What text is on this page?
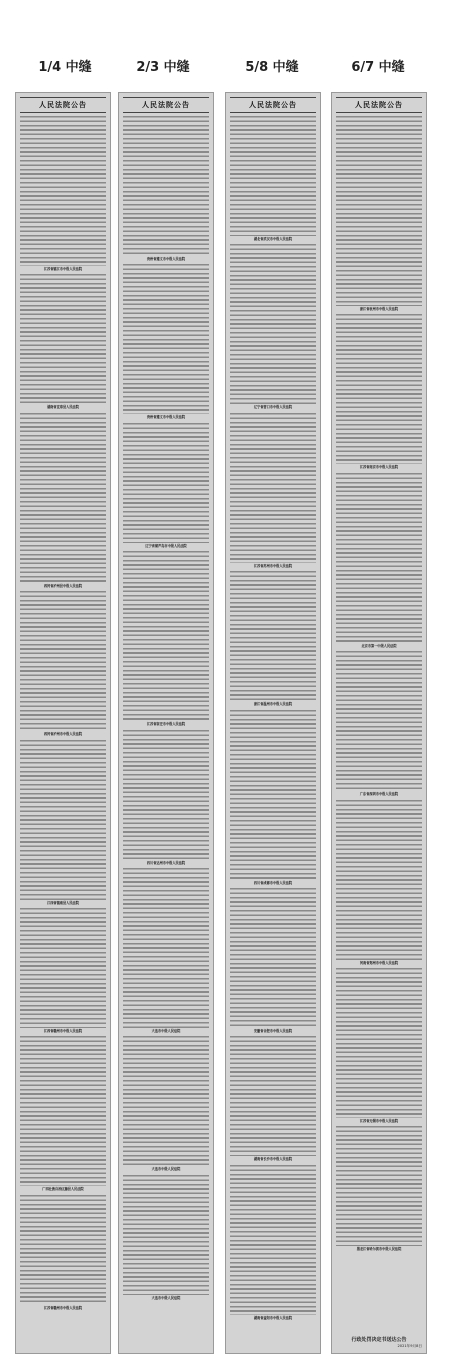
1/4 中缝	2/3 中缝	5/8 中缝	6/7 中缝
人民法院公告
江苏省镇江市中级人民法院
湖南省宜章县人民法院
西河省泸州县中级人民法院
西河省泸州市中级人民法院
江西省镇南县人民法院
江西省赣州市中级人民法院
广西壮族自治区藤县人民法院
江苏省赣州市中级人民法院
人民法院公告
贵州省遵义市中级人民法院
贵州省遵义市中级人民法院
辽宁省葫芦岛市中级人民法院
江苏省宿迁市中级人民法院
四川省达州市中级人民法院
大连市中级人民法院
大连市中级人民法院
大连市中级人民法院
人民法院公告
湖北省武汉市中级人民法院
辽宁省营口市中级人民法院
江苏省苏州市中级人民法院
浙江省温州市中级人民法院
四川省成都市中级人民法院
安徽省合肥市中级人民法院
湖南省长沙市中级人民法院
湖南省益阳市中级人民法院
人民法院公告
浙江省杭州市中级人民法院
江苏省南京市中级人民法院
北京市第一中级人民法院
广东省深圳市中级人民法院
河南省郑州市中级人民法院
江苏省无锡市中级人民法院
黑龙江省哈尔滨市中级人民法院
行政处罚决定书送达公告
2021年9月8日
